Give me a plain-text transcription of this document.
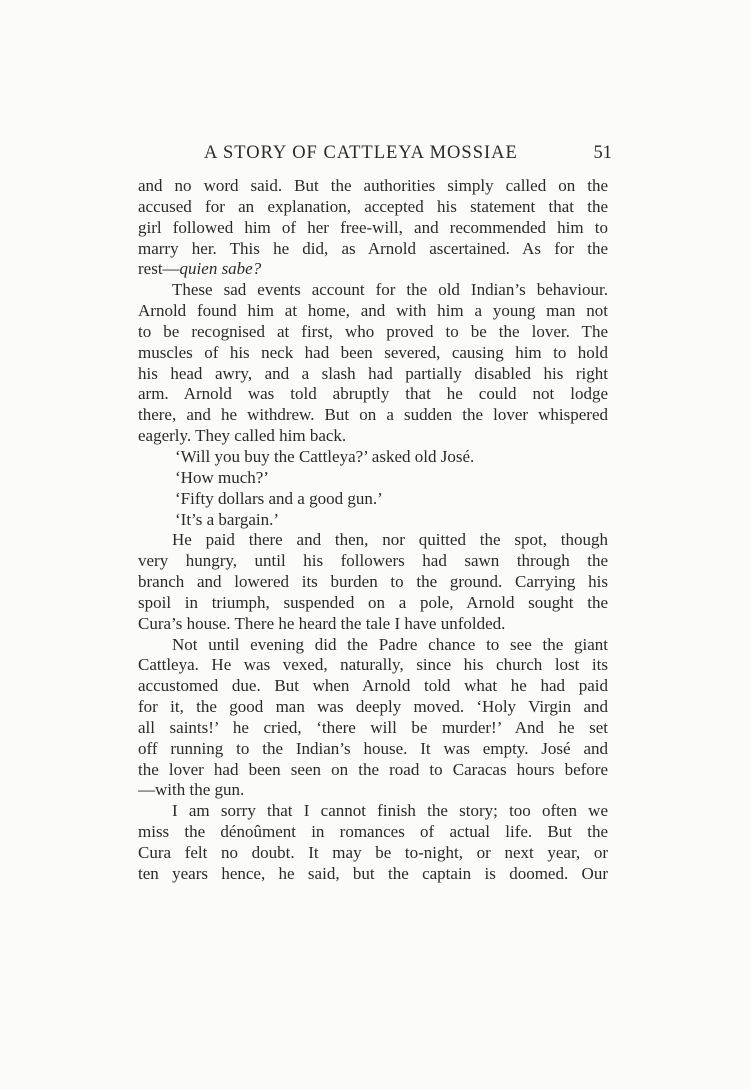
A STORY OF CATTLEYA MOSSIAE	51
and no word said. But the authorities simply called on the
accused for an explanation, accepted his statement that the
girl followed him of her free-will, and recommended him to
marry her. This he did, as Arnold ascertained. As for the
rest—quien sabe?
These sad events account for the old Indian’s behaviour.
Arnold found him at home, and with him a young man not
to be recognised at first, who proved to be the lover. The
muscles of his neck had been severed, causing him to hold
his head awry, and a slash had partially disabled his right
arm. Arnold was told abruptly that he could not lodge
there, and he withdrew. But on a sudden the lover whispered
eagerly. They called him back.
‘Will you buy the Cattleya?’ asked old José.
‘How much?’
‘Fifty dollars and a good gun.’
‘It’s a bargain.’
He paid there and then, nor quitted the spot, though
very hungry, until his followers had sawn through the
branch and lowered its burden to the ground. Carrying his
spoil in triumph, suspended on a pole, Arnold sought the
Cura’s house. There he heard the tale I have unfolded.
Not until evening did the Padre chance to see the giant
Cattleya. He was vexed, naturally, since his church lost its
accustomed due. But when Arnold told what he had paid
for it, the good man was deeply moved. ‘Holy Virgin and
all saints!’ he cried, ‘there will be murder!’ And he set
off running to the Indian’s house. It was empty. José and
the lover had been seen on the road to Caracas hours before
—with the gun.
I am sorry that I cannot finish the story; too often we
miss the dénoûment in romances of actual life. But the
Cura felt no doubt. It may be to-night, or next year, or
ten years hence, he said, but the captain is doomed. Our
